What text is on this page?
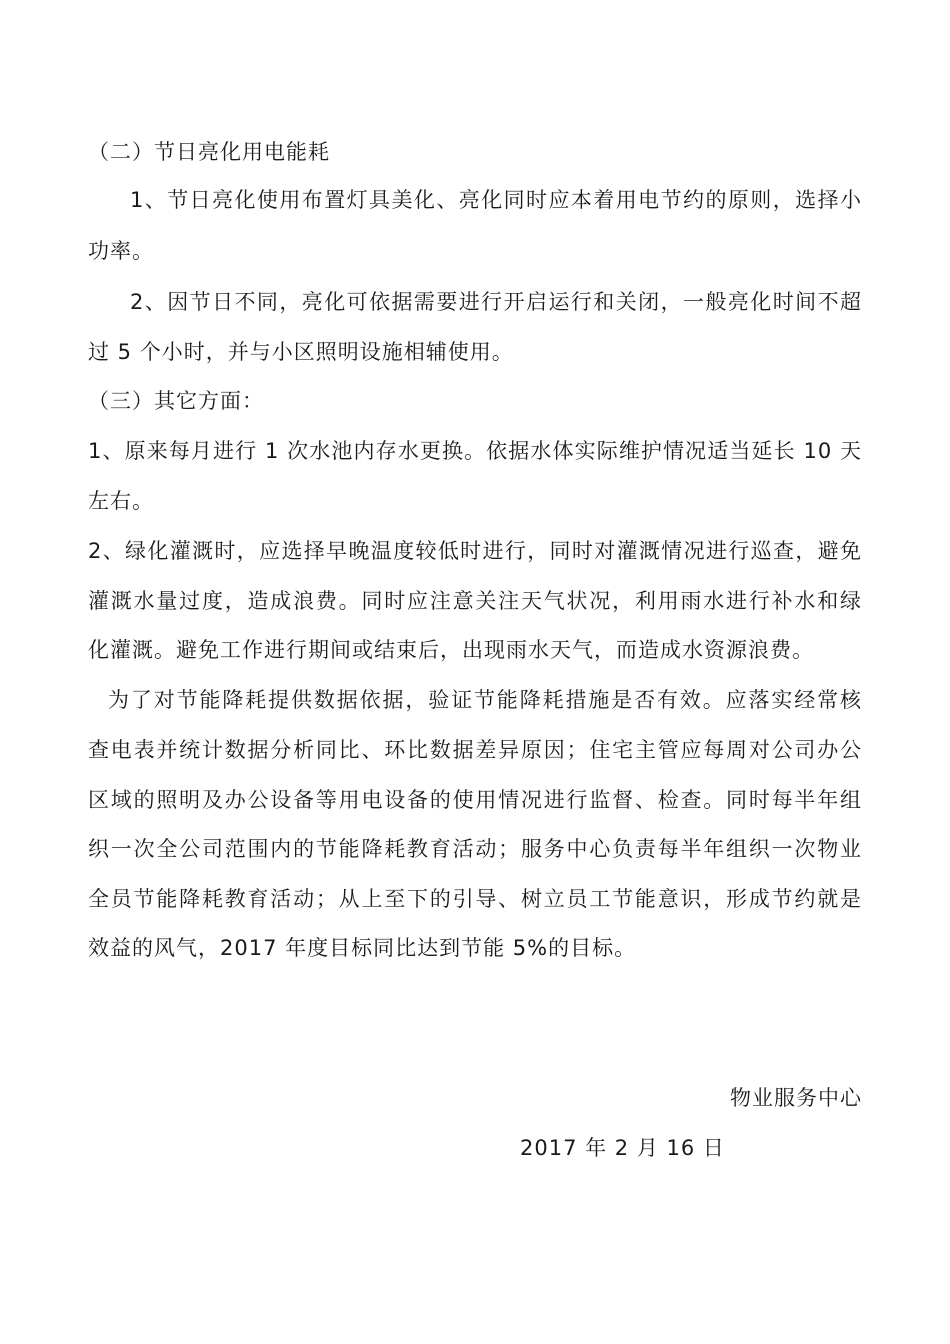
（二）节日亮化用电能耗
1、节日亮化使用布置灯具美化、亮化同时应本着用电节约的原则，选择小
功率。
2、因节日不同，亮化可依据需要进行开启运行和关闭，一般亮化时间不超
过 5 个小时，并与小区照明设施相辅使用。
（三）其它方面：
1、原来每月进行 1 次水池内存水更换。依据水体实际维护情况适当延长 10 天
左右。
2、绿化灌溉时，应选择早晚温度较低时进行，同时对灌溉情况进行巡查，避免
灌溉水量过度，造成浪费。同时应注意关注天气状况，利用雨水进行补水和绿
化灌溉。避免工作进行期间或结束后，出现雨水天气，而造成水资源浪费。
为了对节能降耗提供数据依据，验证节能降耗措施是否有效。应落实经常核
查电表并统计数据分析同比、环比数据差异原因；住宅主管应每周对公司办公
区域的照明及办公设备等用电设备的使用情况进行监督、检查。同时每半年组
织一次全公司范围内的节能降耗教育活动；服务中心负责每半年组织一次物业
全员节能降耗教育活动；从上至下的引导、树立员工节能意识，形成节约就是
效益的风气，2017 年度目标同比达到节能 5%的目标。
物业服务中心
2017 年 2 月 16 日
